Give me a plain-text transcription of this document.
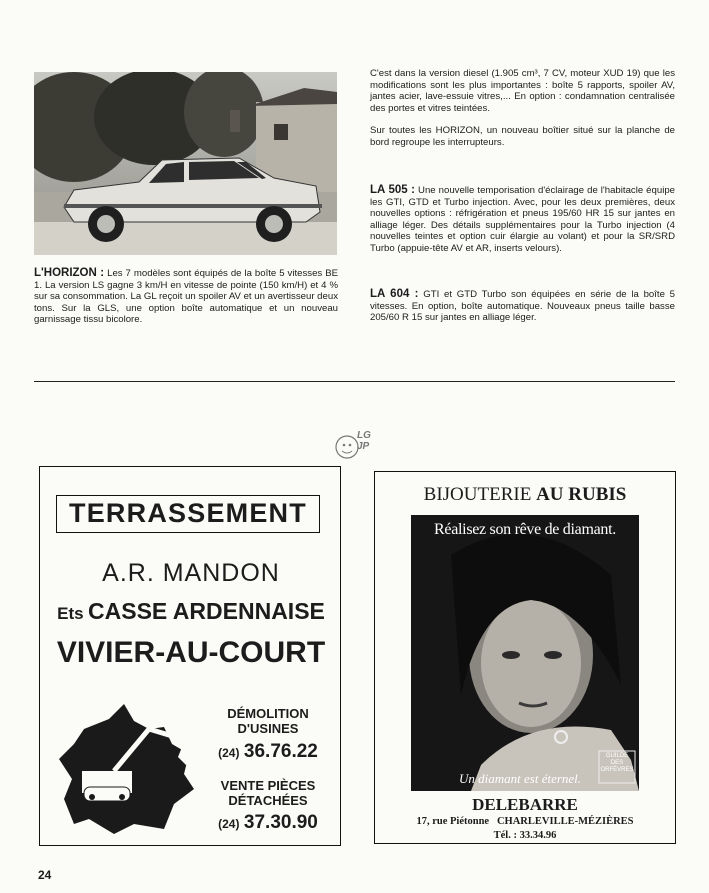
L'HORIZON : Les 7 modèles sont équipés de la boîte 5 vitesses BE 1. La version LS gagne 3 km/H en vitesse de pointe (150 km/H) et 4 % sur sa consommation. La GL reçoit un spoiler AV et un avertisseur deux tons. Sur la GLS, une option boîte automatique et un nouveau garnissage tissu bicolore.
C'est dans la version diesel (1.905 cm³, 7 CV, moteur XUD 19) que les modifications sont les plus importantes : boîte 5 rapports, spoiler AV, jantes acier, lave-essuie vitres,... En option : condamnation centralisée des portes et vitres teintées.
Sur toutes les HORIZON, un nouveau boîtier situé sur la planche de bord regroupe les interrupteurs.
LA 505 : Une nouvelle temporisation d'éclairage de l'habitacle équipe les GTI, GTD et Turbo injection. Avec, pour les deux premières, deux nouvelles options : réfrigération et pneus 195/60 HR 15 sur jantes en alliage léger. Des détails supplémentaires pour la Turbo injection (4 nouvelles teintes et option cuir élargie au volant) et pour la SR/SRD Turbo (appuie-tête AV et AR, inserts velours).
LA 604 : GTI et GTD Turbo son équipées en série de la boîte 5 vitesses. En option, boîte automatique. Nouveaux pneus taille basse 205/60 R 15 sur jantes en alliage léger.
LG
JP
TERRASSEMENT
A.R. MANDON
Ets CASSE ARDENNAISE
VIVIER-AU-COURT
DÉMOLITION
D'USINES
(24) 36.76.22
VENTE PIÈCES
DÉTACHÉES
(24) 37.30.90
BIJOUTERIE AU RUBIS
Réalisez son rêve de diamant.
Un diamant est éternel.
GUILDE
DES
ORFÈVRES
DELEBARRE
17, rue Piétonne   CHARLEVILLE-MÉZIÈRES
Tél. : 33.34.96
24
